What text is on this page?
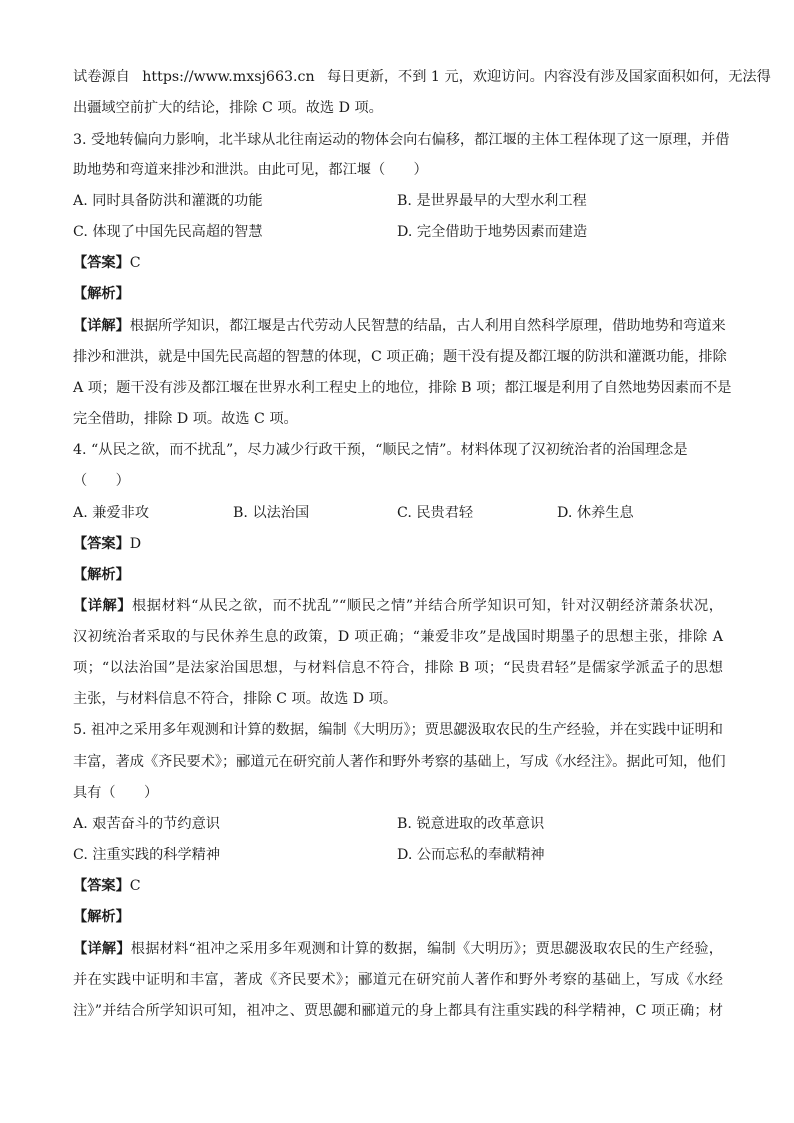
试卷源自 https://www.mxsj663.cn 每日更新，不到 1 元，欢迎访问。内容没有涉及国家面积如何，无法得
出疆域空前扩大的结论，排除 C 项。故选 D 项。
3. 受地转偏向力影响，北半球从北往南运动的物体会向右偏移，都江堰的主体工程体现了这一原理，并借
助地势和弯道来排沙和泄洪。由此可见，都江堰（　　）
A. 同时具备防洪和灌溉的功能	B. 是世界最早的大型水利工程
C. 体现了中国先民高超的智慧	D. 完全借助于地势因素而建造
【答案】C
【解析】
【详解】根据所学知识，都江堰是古代劳动人民智慧的结晶，古人利用自然科学原理，借助地势和弯道来
排沙和泄洪，就是中国先民高超的智慧的体现，C 项正确；题干没有提及都江堰的防洪和灌溉功能，排除
A 项；题干没有涉及都江堰在世界水利工程史上的地位，排除 B 项；都江堰是利用了自然地势因素而不是
完全借助，排除 D 项。故选 C 项。
4. “从民之欲，而不扰乱”，尽力减少行政干预，“顺民之情”。材料体现了汉初统治者的治国理念是
（　　）
A. 兼爱非攻	B. 以法治国	C. 民贵君轻	D. 休养生息
【答案】D
【解析】
【详解】根据材料“从民之欲，而不扰乱”“顺民之情”并结合所学知识可知，针对汉朝经济萧条状况，
汉初统治者采取的与民休养生息的政策，D 项正确；“兼爱非攻”是战国时期墨子的思想主张，排除 A
项；“以法治国”是法家治国思想，与材料信息不符合，排除 B 项；“民贵君轻”是儒家学派孟子的思想
主张，与材料信息不符合，排除 C 项。故选 D 项。
5. 祖冲之采用多年观测和计算的数据，编制《大明历》；贾思勰汲取农民的生产经验，并在实践中证明和
丰富，著成《齐民要术》；郦道元在研究前人著作和野外考察的基础上，写成《水经注》。据此可知，他们
具有（　　）
A. 艰苦奋斗的节约意识	B. 锐意进取的改革意识
C. 注重实践的科学精神	D. 公而忘私的奉献精神
【答案】C
【解析】
【详解】根据材料“祖冲之采用多年观测和计算的数据，编制《大明历》；贾思勰汲取农民的生产经验，
并在实践中证明和丰富，著成《齐民要术》；郦道元在研究前人著作和野外考察的基础上，写成《水经
注》”并结合所学知识可知，祖冲之、贾思勰和郦道元的身上都具有注重实践的科学精神，C 项正确；材
